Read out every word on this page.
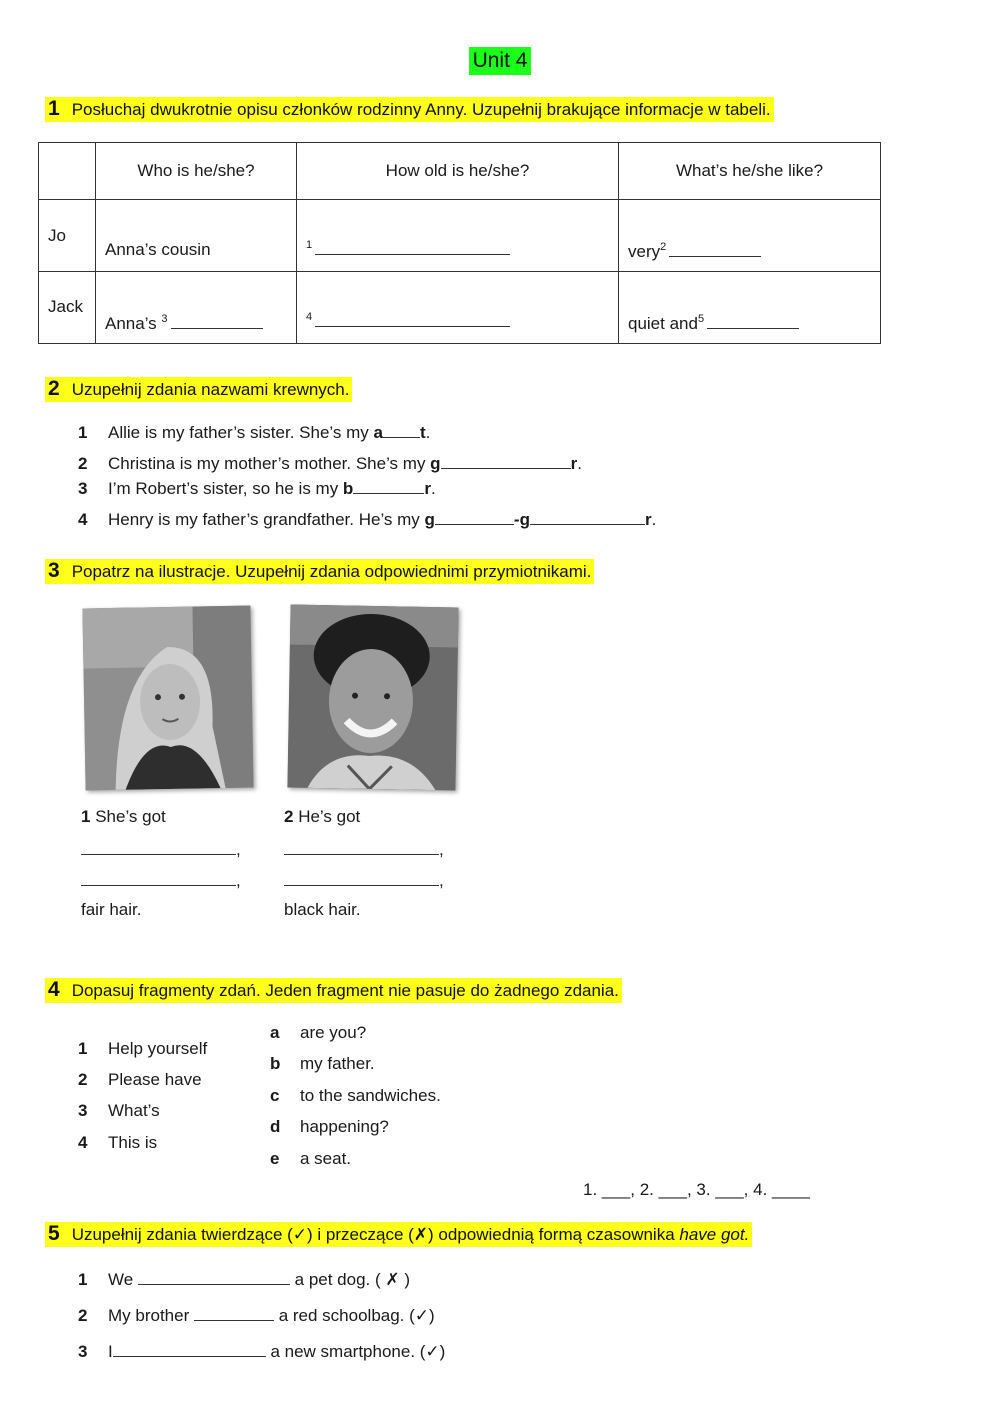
Unit 4
1 Posłuchaj dwukrotnie opisu członków rodzinny Anny. Uzupełnij brakujące informacje w tabeli.
	Who is he/she?	How old is he/she?	What’s he/she like?

Jo	Anna’s cousin	$^1$	very$^2$

Jack	Anna’s $^3$	$^4$	quiet and$^5$
2 Uzupełnij zdania nazwami krewnych.
1 Allie is my father’s sister. She’s my a t.
2 Christina is my mother’s mother. She’s my g	r.
3 I’m Robert’s sister, so he is my b	r.
4 Henry is my father’s grandfather. He’s my g	-g	r.
3 Popatrz na ilustracje. Uzupełnij zdania odpowiednimi przymiotnikami.
1 She’s got
,
,
fair hair.
2 He’s got
,
,
black hair.
4 Dopasuj fragmenty zdań. Jeden fragment nie pasuje do żadnego zdania.
1 Help yourself
2 Please have
3 What’s
4 This is
a are you?
b my father.
c to the sandwiches.
d happening?
e a seat.
1. ___, 2. ___, 3. ___, 4. ____
5 Uzupełnij zdania twierdzące (✓) i przeczące (✗) odpowiednią formą czasownika have got.
1 We	a pet dog. ( ✗ )
2 My brother	a red schoolbag. (✓)
3 I	a new smartphone. (✓)
